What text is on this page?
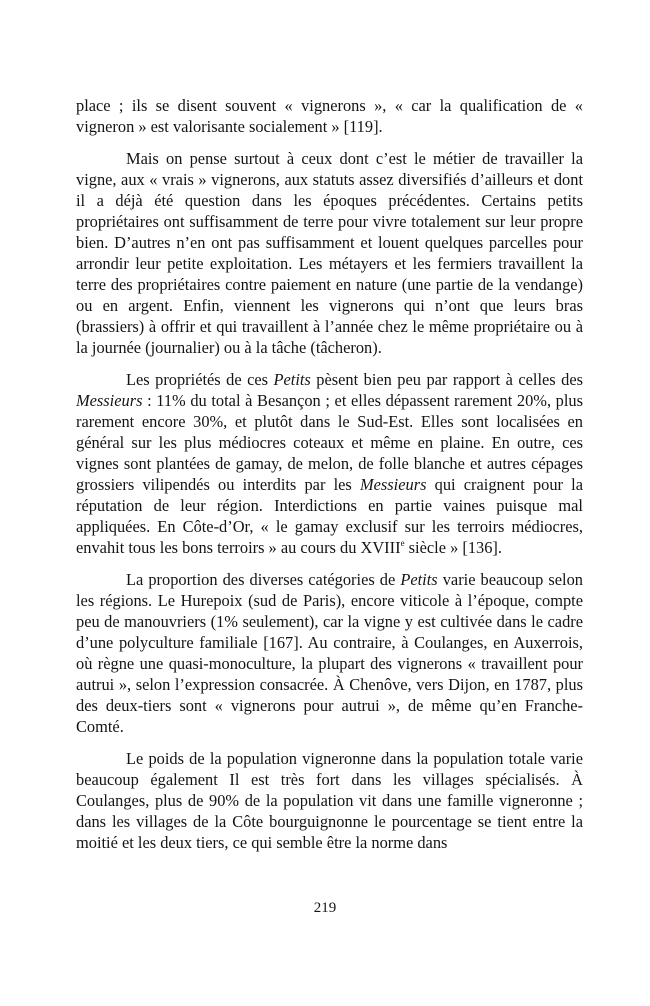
place ; ils se disent souvent « vignerons », « car la qualification de « vigneron » est valorisante socialement » [119].

Mais on pense surtout à ceux dont c’est le métier de travailler la vigne, aux « vrais » vignerons, aux statuts assez diversifiés d’ailleurs et dont il a déjà été question dans les époques précédentes. Certains petits propriétaires ont suffisamment de terre pour vivre totalement sur leur propre bien. D’autres n’en ont pas suffisamment et louent quelques parcelles pour arrondir leur petite exploitation. Les métayers et les fermiers travaillent la terre des propriétaires contre paiement en nature (une partie de la vendange) ou en argent. Enfin, viennent les vignerons qui n’ont que leurs bras (brassiers) à offrir et qui travaillent à l’année chez le même propriétaire ou à la journée (journalier) ou à la tâche (tâcheron).

Les propriétés de ces Petits pèsent bien peu par rapport à celles des Messieurs : 11% du total à Besançon ; et elles dépassent rarement 20%, plus rarement encore 30%, et plutôt dans le Sud-Est. Elles sont localisées en général sur les plus médiocres coteaux et même en plaine. En outre, ces vignes sont plantées de gamay, de melon, de folle blanche et autres cépages grossiers vilipendés ou interdits par les Messieurs qui craignent pour la réputation de leur région. Interdictions en partie vaines puisque mal appliquées. En Côte-d’Or, « le gamay exclusif sur les terroirs médiocres, envahit tous les bons terroirs » au cours du XVIIIe siècle » [136].

La proportion des diverses catégories de Petits varie beaucoup selon les régions. Le Hurepoix (sud de Paris), encore viticole à l’époque, compte peu de manouvriers (1% seulement), car la vigne y est cultivée dans le cadre d’une polyculture familiale [167]. Au contraire, à Coulanges, en Auxerrois, où règne une quasi-monoculture, la plupart des vignerons « travaillent pour autrui », selon l’expression consacrée. À Chenôve, vers Dijon, en 1787, plus des deux-tiers sont « vignerons pour autrui », de même qu’en Franche-Comté.

Le poids de la population vigneronne dans la population totale varie beaucoup également Il est très fort dans les villages spécialisés. À Coulanges, plus de 90% de la population vit dans une famille vigneronne ; dans les villages de la Côte bourguignonne le pourcentage se tient entre la moitié et les deux tiers, ce qui semble être la norme dans

219
